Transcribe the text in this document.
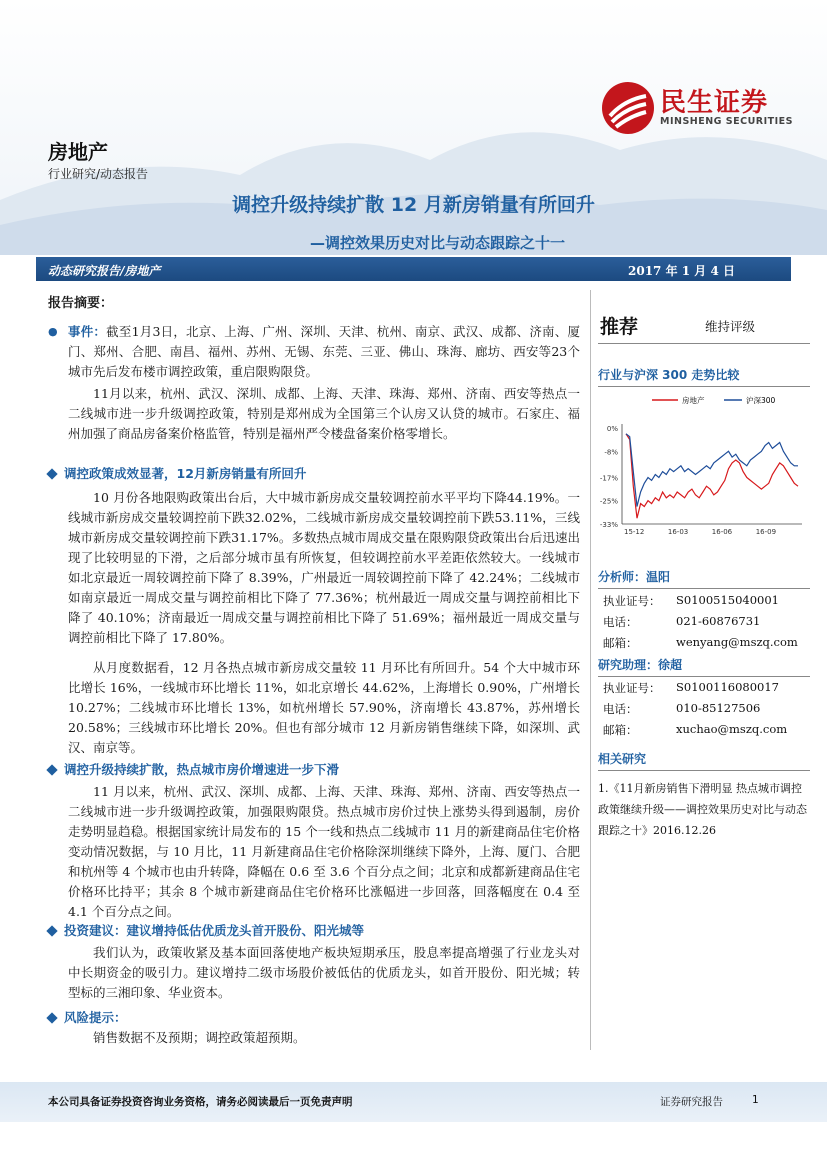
房地产
行业研究/动态报告
民生证券
MINSHENG SECURITIES
调控升级持续扩散 12 月新房销量有所回升
—调控效果历史对比与动态跟踪之十一
动态研究报告/房地产	2017 年 1 月 4 日
报告摘要：
● 事件：截至1月3日，北京、上海、广州、深圳、天津、杭州、南京、武汉、成都、济南、厦门、郑州、合肥、南昌、福州、苏州、无锡、东莞、三亚、佛山、珠海、廊坊、西安等23个城市先后发布楼市调控政策，重启限购限贷。
11月以来，杭州、武汉、深圳、成都、上海、天津、珠海、郑州、济南、西安等热点一二线城市进一步升级调控政策，特别是郑州成为全国第三个认房又认贷的城市。石家庄、福州加强了商品房备案价格监管，特别是福州严令楼盘备案价格零增长。
调控政策成效显著，12月新房销量有所回升
10 月份各地限购政策出台后，大中城市新房成交量较调控前水平平均下降44.19%。一线城市新房成交量较调控前下跌32.02%，二线城市新房成交量较调控前下跌53.11%，三线城市新房成交量较调控前下跌31.17%。多数热点城市周成交量在限购限贷政策出台后迅速出现了比较明显的下滑，之后部分城市虽有所恢复，但较调控前水平差距依然较大。一线城市如北京最近一周较调控前下降了 8.39%，广州最近一周较调控前下降了 42.24%；二线城市如南京最近一周成交量与调控前相比下降了 77.36%；杭州最近一周成交量与调控前相比下降了 40.10%；济南最近一周成交量与调控前相比下降了 51.69%；福州最近一周成交量与调控前相比下降了 17.80%。
从月度数据看，12 月各热点城市新房成交量较 11 月环比有所回升。54 个大中城市环比增长 16%，一线城市环比增长 11%，如北京增长 44.62%，上海增长 0.90%，广州增长 10.27%；二线城市环比增长 13%，如杭州增长 57.90%，济南增长 43.87%，苏州增长 20.58%；三线城市环比增长 20%。但也有部分城市 12 月新房销售继续下降，如深圳、武汉、南京等。
调控升级持续扩散，热点城市房价增速进一步下滑
11 月以来，杭州、武汉、深圳、成都、上海、天津、珠海、郑州、济南、西安等热点一二线城市进一步升级调控政策，加强限购限贷。热点城市房价过快上涨势头得到遏制，房价走势明显趋稳。根据国家统计局发布的 15 个一线和热点二线城市 11 月的新建商品住宅价格变动情况数据，与 10 月比，11 月新建商品住宅价格除深圳继续下降外，上海、厦门、合肥和杭州等 4 个城市也由升转降，降幅在 0.6 至 3.6 个百分点之间；北京和成都新建商品住宅价格环比持平；其余 8 个城市新建商品住宅价格环比涨幅进一步回落，回落幅度在 0.4 至 4.1 个百分点之间。
投资建议：建议增持低估优质龙头首开股份、阳光城等
我们认为，政策收紧及基本面回落使地产板块短期承压，股息率提高增强了行业龙头对中长期资金的吸引力。建议增持二级市场股价被低估的优质龙头，如首开股份、阳光城；转型标的三湘印象、华业资本。
风险提示：
销售数据不及预期；调控政策超预期。
推荐	维持评级
行业与沪深 300 走势比较
房地产	沪深300
0%
-8%
-17%
-25%
-33%
15-12	16-03	16-06	16-09
分析师：温阳
执业证号： S0100515040001
电话：	021-60876731
邮箱：	wenyang@mszq.com
研究助理：徐超
执业证号： S0100116080017
电话：	010-85127506
邮箱：	xuchao@mszq.com
相关研究
1.《11月新房销售下滑明显 热点城市调控政策继续升级——调控效果历史对比与动态跟踪之十》2016.12.26
本公司具备证券投资咨询业务资格，请务必阅读最后一页免责声明	证券研究报告	1
